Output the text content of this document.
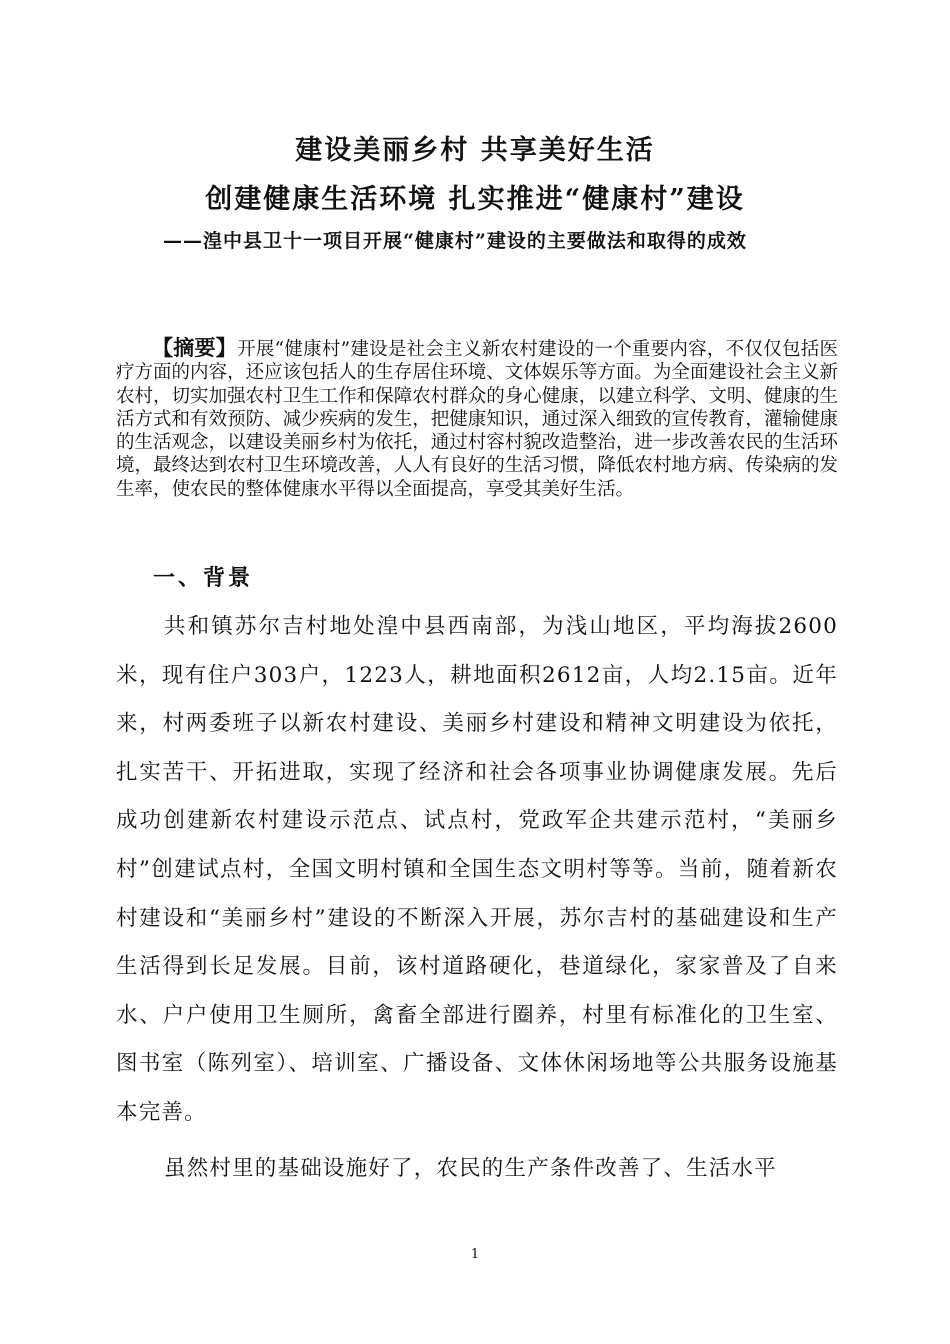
建设美丽乡村 共享美好生活
创建健康生活环境 扎实推进“健康村”建设

——湟中县卫十一项目开展“健康村”建设的主要做法和取得的成效

【摘要】开展“健康村”建设是社会主义新农村建设的一个重要内容，不仅仅包括医疗方面的内容，还应该包括人的生存居住环境、文体娱乐等方面。为全面建设社会主义新农村，切实加强农村卫生工作和保障农村群众的身心健康，以建立科学、文明、健康的生活方式和有效预防、减少疾病的发生，把健康知识，通过深入细致的宣传教育，灌输健康的生活观念，以建设美丽乡村为依托，通过村容村貌改造整治，进一步改善农民的生活环境，最终达到农村卫生环境改善，人人有良好的生活习惯，降低农村地方病、传染病的发生率，使农民的整体健康水平得以全面提高，享受其美好生活。

一、背景

共和镇苏尔吉村地处湟中县西南部，为浅山地区，平均海拔2600米，现有住户303户，1223人，耕地面积2612亩，人均2.15亩。近年来，村两委班子以新农村建设、美丽乡村建设和精神文明建设为依托，扎实苦干、开拓进取，实现了经济和社会各项事业协调健康发展。先后成功创建新农村建设示范点、试点村，党政军企共建示范村，“美丽乡村”创建试点村，全国文明村镇和全国生态文明村等等。当前，随着新农村建设和“美丽乡村”建设的不断深入开展，苏尔吉村的基础建设和生产生活得到长足发展。目前，该村道路硬化，巷道绿化，家家普及了自来水、户户使用卫生厕所，禽畜全部进行圈养，村里有标准化的卫生室、图书室（陈列室）、培训室、广播设备、文体休闲场地等公共服务设施基本完善。

虽然村里的基础设施好了，农民的生产条件改善了、生活水平

1
